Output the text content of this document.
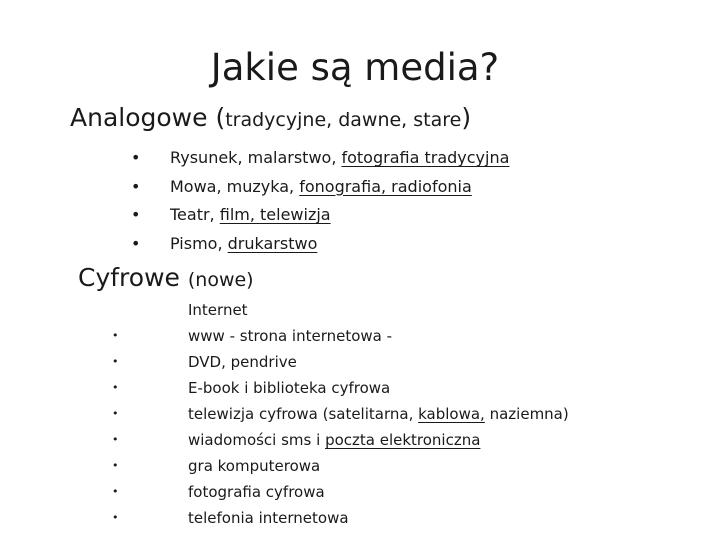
Jakie są media?
Analogowe (tradycyjne, dawne, stare)
• Rysunek, malarstwo, fotografia tradycyjna
• Mowa, muzyka, fonografia, radiofonia
• Teatr, film, telewizja
• Pismo, drukarstwo
Cyfrowe (nowe)
Internet
•	www - strona internetowa -
•	DVD, pendrive
•	E-book i biblioteka cyfrowa
•	telewizja cyfrowa (satelitarna, kablowa, naziemna)
•	wiadomości sms i poczta elektroniczna
•	gra komputerowa
•	fotografia cyfrowa
•	telefonia internetowa
